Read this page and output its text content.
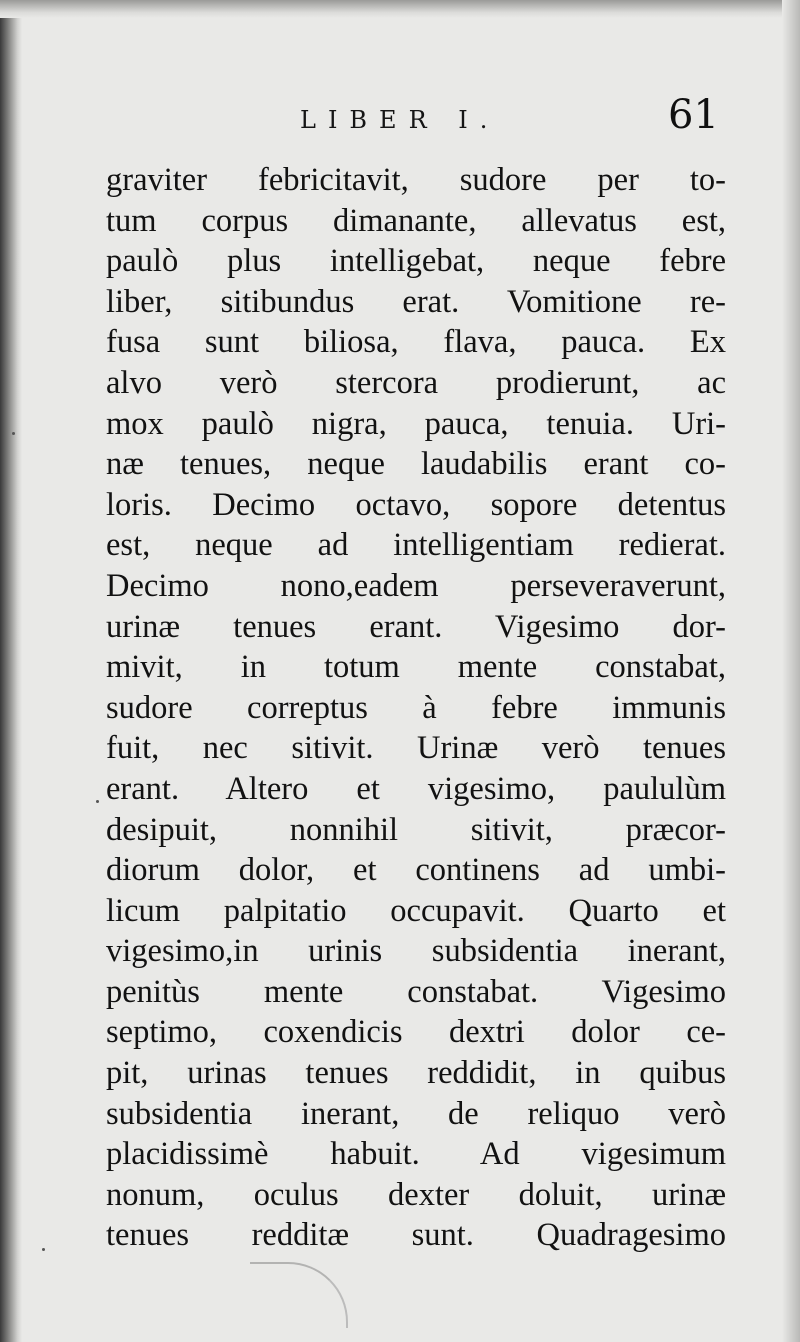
LIBER I.	61
graviter febricitavit, sudore per to-
tum corpus dimanante, allevatus est,
paulò plus intelligebat, neque febre
liber, sitibundus erat. Vomitione re-
fusa sunt biliosa, flava, pauca. Ex
alvo verò stercora prodierunt, ac
mox paulò nigra, pauca, tenuia. Uri-
næ tenues, neque laudabilis erant co-
loris. Decimo octavo, sopore detentus
est, neque ad intelligentiam redierat.
Decimo nono,eadem perseveraverunt,
urinæ tenues erant. Vigesimo dor-
mivit, in totum mente constabat,
sudore correptus à febre immunis
fuit, nec sitivit. Urinæ verò tenues
erant. Altero et vigesimo, paululùm
desipuit, nonnihil sitivit, præcor-
diorum dolor, et continens ad umbi-
licum palpitatio occupavit. Quarto et
vigesimo,in urinis subsidentia inerant,
penitùs mente constabat. Vigesimo
septimo, coxendicis dextri dolor ce-
pit, urinas tenues reddidit, in quibus
subsidentia inerant, de reliquo verò
placidissimè habuit. Ad vigesimum
nonum, oculus dexter doluit, urinæ
tenues redditæ sunt. Quadragesimo
